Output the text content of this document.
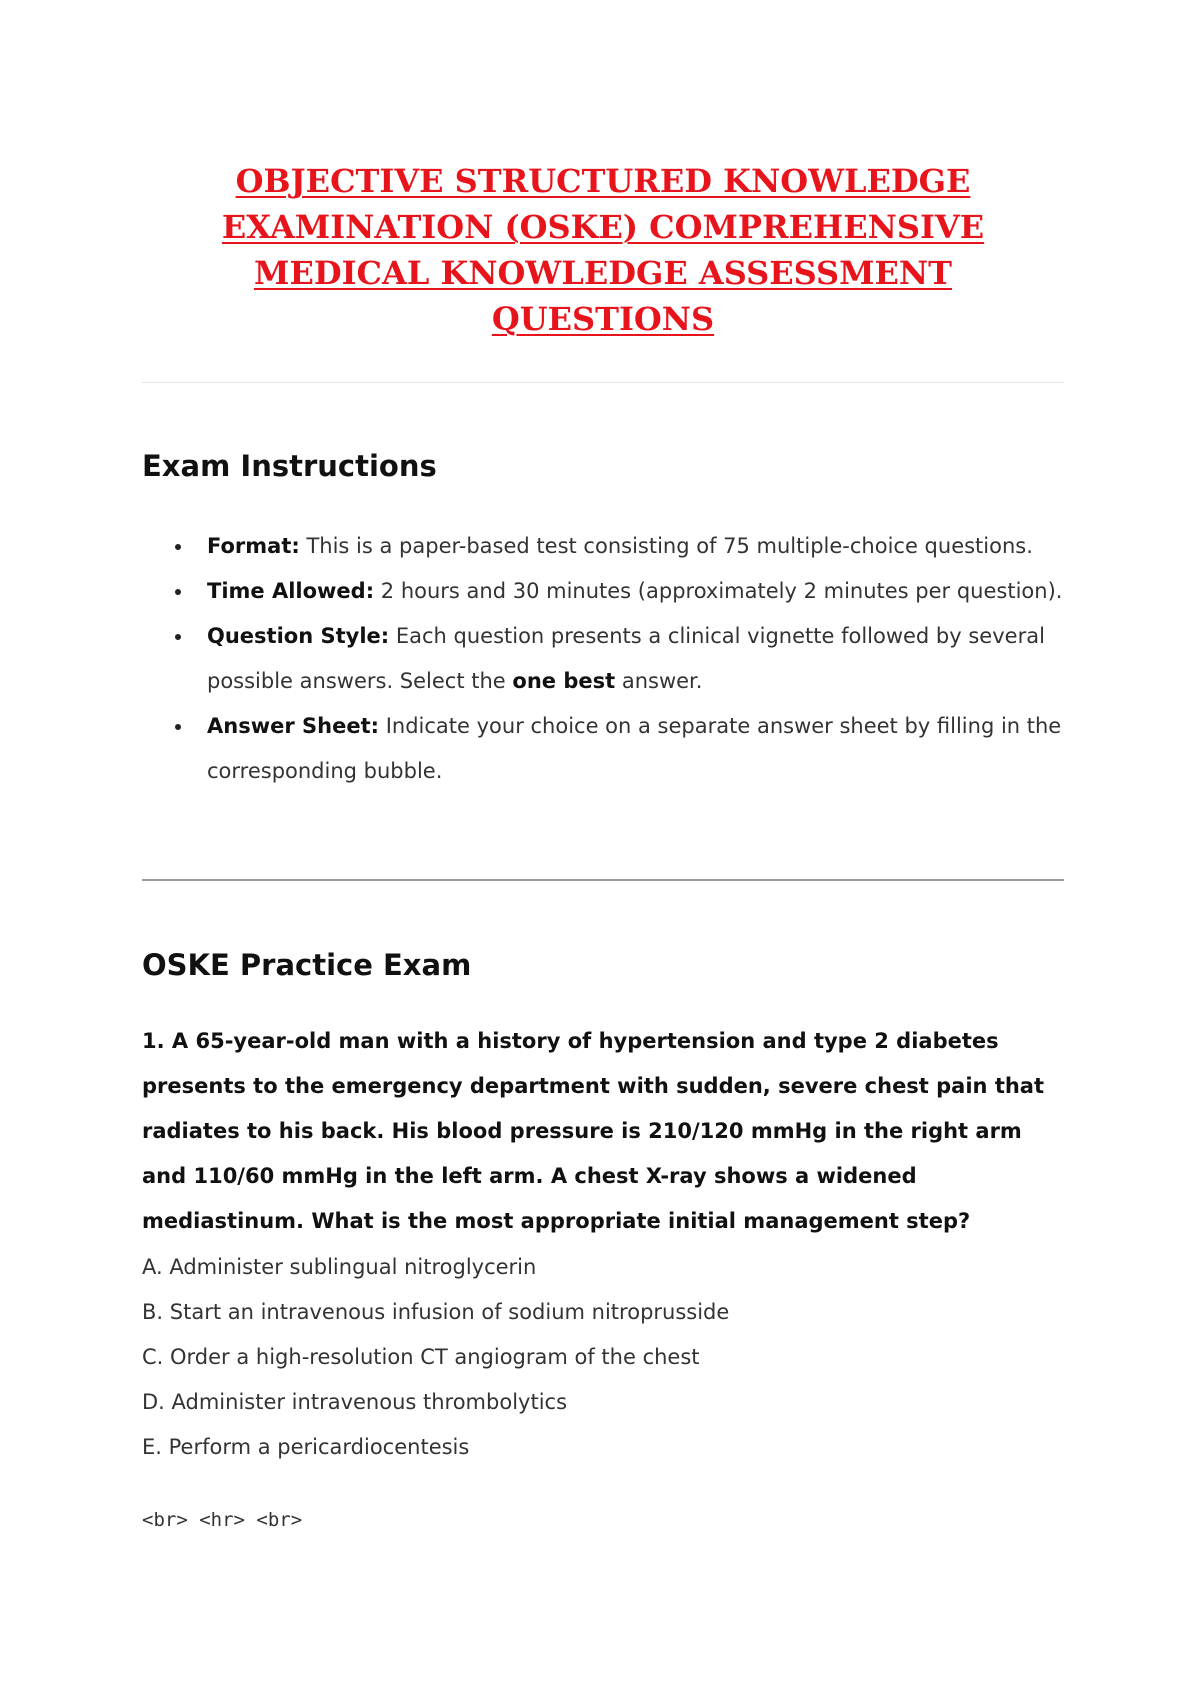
OBJECTIVE STRUCTURED KNOWLEDGE EXAMINATION (OSKE) COMPREHENSIVE MEDICAL KNOWLEDGE ASSESSMENT QUESTIONS
Exam Instructions
Format: This is a paper-based test consisting of 75 multiple-choice questions.
Time Allowed: 2 hours and 30 minutes (approximately 2 minutes per question).
Question Style: Each question presents a clinical vignette followed by several possible answers. Select the one best answer.
Answer Sheet: Indicate your choice on a separate answer sheet by filling in the corresponding bubble.
OSKE Practice Exam

1. A 65-year-old man with a history of hypertension and type 2 diabetes presents to the emergency department with sudden, severe chest pain that radiates to his back. His blood pressure is 210/120 mmHg in the right arm and 110/60 mmHg in the left arm. A chest X-ray shows a widened mediastinum. What is the most appropriate initial management step?

A. Administer sublingual nitroglycerin
B. Start an intravenous infusion of sodium nitroprusside
C. Order a high-resolution CT angiogram of the chest
D. Administer intravenous thrombolytics
E. Perform a pericardiocentesis

<br> <hr> <br>
